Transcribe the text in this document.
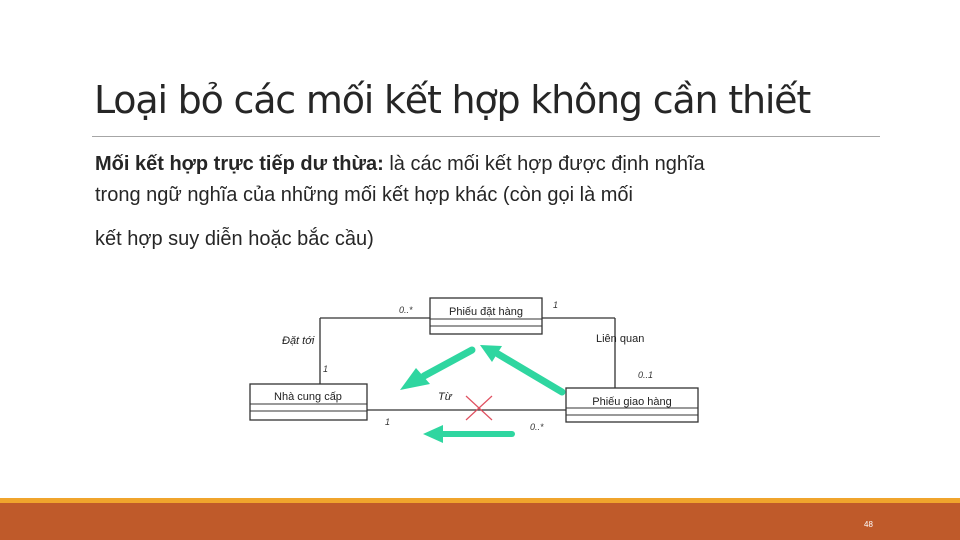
Loại bỏ các mối kết hợp không cần thiết
Mối kết hợp trực tiếp dư thừa: là các mối kết hợp được định nghĩa
trong ngữ nghĩa của những mối kết hợp khác (còn gọi là mối
kết hợp suy diễn hoặc bắc cầu)
Phiếu đặt hàng
Nhà cung cấp	Phiếu giao hàng
Đặt tới	Liên quan
Từ
0..*	1
1
0..1
1	0..*
48
